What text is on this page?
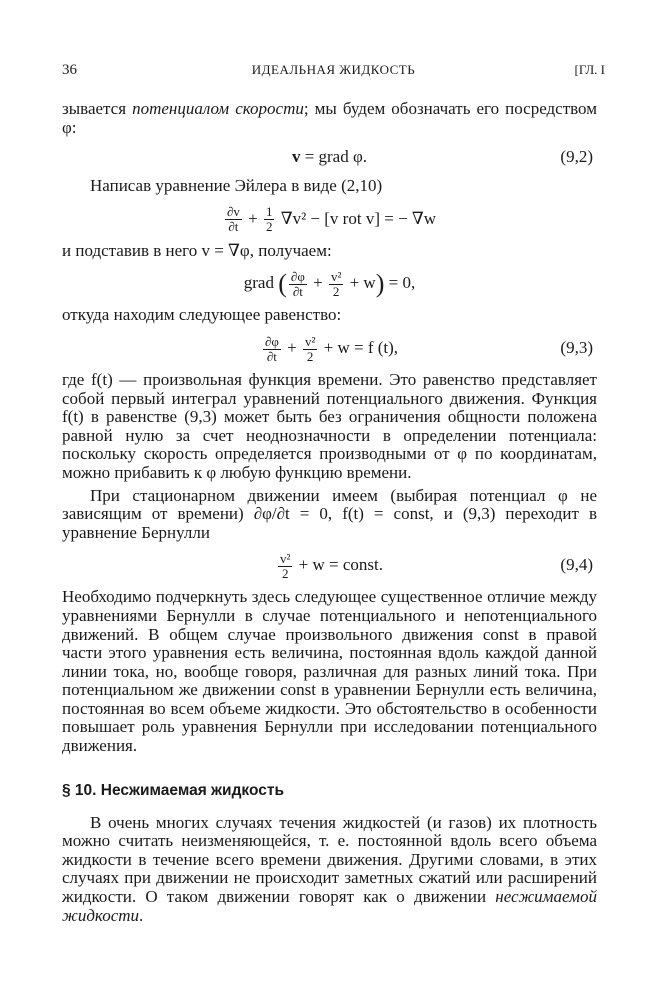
36	ИДЕАЛЬНАЯ ЖИДКОСТЬ	[ГЛ. I

зывается потенциалом скорости; мы будем обозначать его посредством φ:

v = grad φ.	(9,2)

Написав уравнение Эйлера в виде (2,10)

$\frac{\partial v}{\partial t} + \frac{1}{2} \nabla v^2 - [v$ rot v] = − ∇w

и подставив в него v = ∇φ, получаем:

grad ( $\frac{\partial\varphi}{\partial t} + \frac{\text{v²}}{2} + w) = 0$,

откуда находим следующее равенство:

$\frac{\partial\varphi}{\partial t} + \frac{\text{v²}}{2} + w = f$ (t),	(9,3)

где f(t) — произвольная функция времени. Это равенство представляет собой первый интеграл уравнений потенциального движения. Функция f(t) в равенстве (9,3) может быть без ограничения общности положена равной нулю за счет неоднозначности в определении потенциала: поскольку скорость определяется производными от φ по координатам, можно прибавить к φ любую функцию времени.

При стационарном движении имеем (выбирая потенциал φ не зависящим от времени) ∂φ/∂t = 0, f(t) = const, и (9,3) переходит в уравнение Бернулли

$\frac{\text{v²}}{2} + w$ = const.	(9,4)

Необходимо подчеркнуть здесь следующее существенное отличие между уравнениями Бернулли в случае потенциального и непотенциального движений. В общем случае произвольного движения const в правой части этого уравнения есть величина, постоянная вдоль каждой данной линии тока, но, вообще говоря, различная для разных линий тока. При потенциальном же движении const в уравнении Бернулли есть величина, постоянная во всем объеме жидкости. Это обстоятельство в особенности повышает роль уравнения Бернулли при исследовании потенциального движения.

§ 10. Несжимаемая жидкость

В очень многих случаях течения жидкостей (и газов) их плотность можно считать неизменяющейся, т. е. постоянной вдоль всего объема жидкости в течение всего времени движения. Другими словами, в этих случаях при движении не происходит заметных сжатий или расширений жидкости. О таком движении говорят как о движении несжимаемой жидкости.
